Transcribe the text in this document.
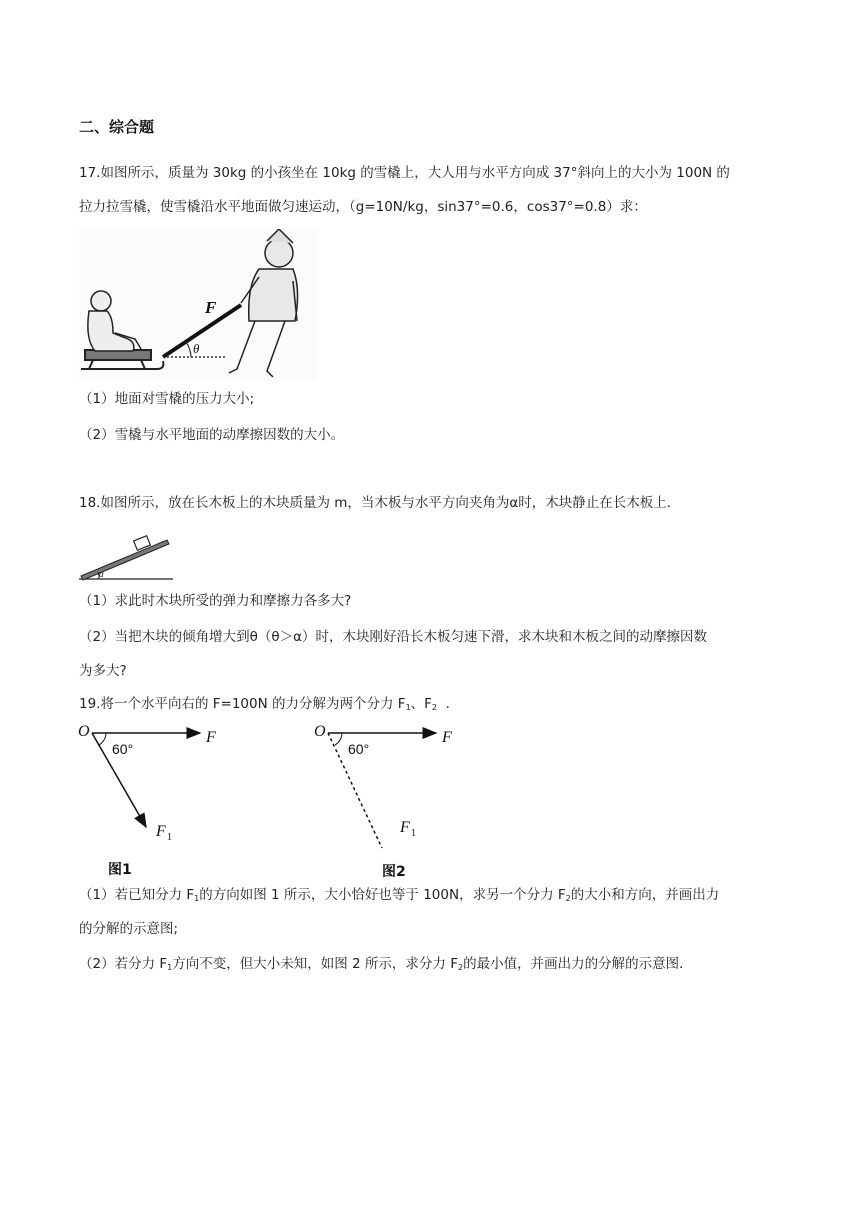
二、综合题
17.如图所示，质量为 30kg 的小孩坐在 10kg 的雪橇上，大人用与水平方向成 37°斜向上的大小为 100N 的
拉力拉雪橇，使雪橇沿水平地面做匀速运动，（g=10N/kg，sin37°=0.6，cos37°=0.8）求：
F
θ
（1）地面对雪橇的压力大小;
（2）雪橇与水平地面的动摩擦因数的大小。
18.如图所示，放在长木板上的木块质量为 m，当木板与水平方向夹角为α时，木块静止在长木板上．
α
（1）求此时木块所受的弹力和摩擦力各多大?
（2）当把木块的倾角增大到θ（θ＞α）时，木块刚好沿长木板匀速下滑，求木块和木板之间的动摩擦因数
为多大?
19.将一个水平向右的 F=100N 的力分解为两个分力 $F_1$、$F_2$ ．
O
60°
F
F 1
图1
O
60°
F
F 1
图2
（1）若已知分力 $F_1$的方向如图 1 所示，大小恰好也等于 100N，求另一个分力 $F_2$的大小和方向，并画出力
的分解的示意图;
（2）若分力 $F_1$方向不变，但大小未知，如图 2 所示，求分力 $F_2$的最小值，并画出力的分解的示意图．
